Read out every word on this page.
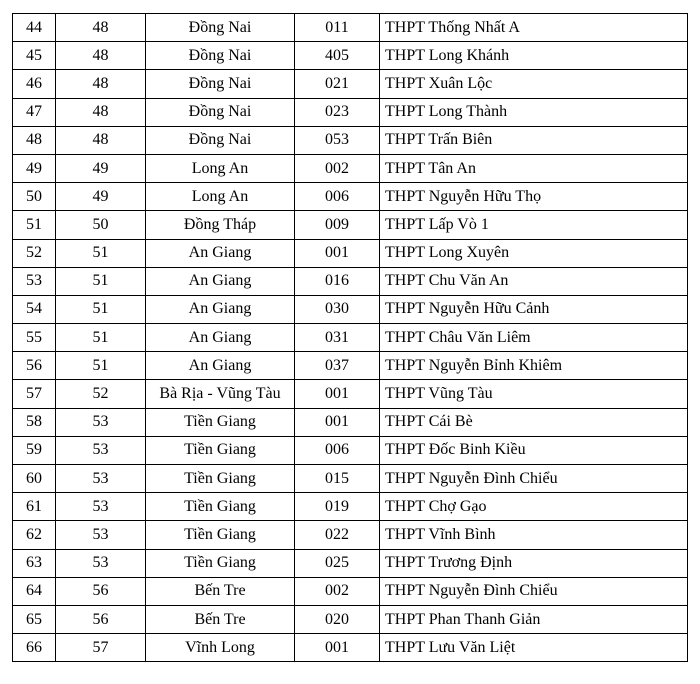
44	48	Đồng Nai	011	THPT Thống Nhất A
45	48	Đồng Nai	405	THPT Long Khánh
46	48	Đồng Nai	021	THPT Xuân Lộc
47	48	Đồng Nai	023	THPT Long Thành
48	48	Đồng Nai	053	THPT Trấn Biên
49	49	Long An	002	THPT Tân An
50	49	Long An	006	THPT Nguyễn Hữu Thọ
51	50	Đồng Tháp	009	THPT Lấp Vò 1
52	51	An Giang	001	THPT Long Xuyên
53	51	An Giang	016	THPT Chu Văn An
54	51	An Giang	030	THPT Nguyễn Hữu Cảnh
55	51	An Giang	031	THPT Châu Văn Liêm
56	51	An Giang	037	THPT Nguyễn Bỉnh Khiêm
57	52	Bà Rịa - Vũng Tàu	001	THPT Vũng Tàu
58	53	Tiền Giang	001	THPT Cái Bè
59	53	Tiền Giang	006	THPT Đốc Binh Kiều
60	53	Tiền Giang	015	THPT Nguyễn Đình Chiểu
61	53	Tiền Giang	019	THPT Chợ Gạo
62	53	Tiền Giang	022	THPT Vĩnh Bình
63	53	Tiền Giang	025	THPT Trương Định
64	56	Bến Tre	002	THPT Nguyễn Đình Chiểu
65	56	Bến Tre	020	THPT Phan Thanh Giản
66	57	Vĩnh Long	001	THPT Lưu Văn Liệt
